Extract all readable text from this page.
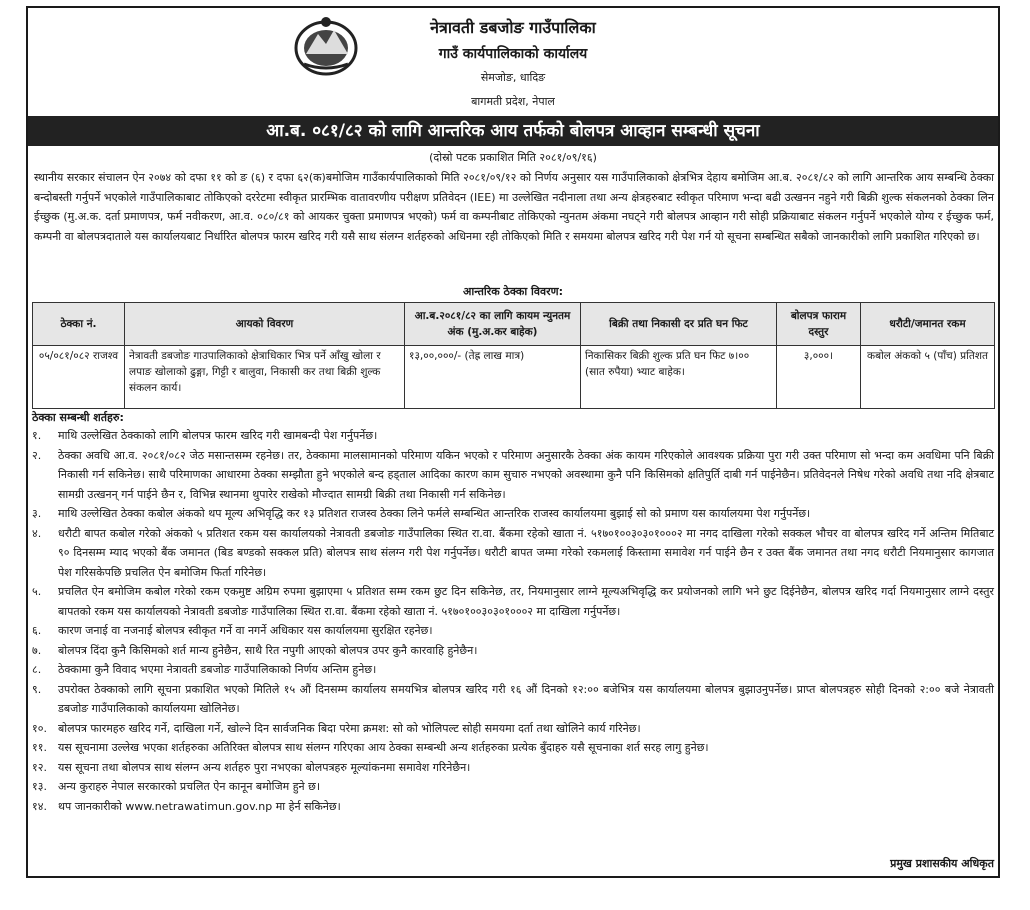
नेत्रावती डबजोङ गाउँपालिका
गाउँ कार्यपालिकाको कार्यालय
सेमजोङ, धादिङ
बागमती प्रदेश, नेपाल
आ.ब. ०८१/८२ को लागि आन्तरिक आय तर्फको बोलपत्र आव्हान सम्बन्धी सूचना
(दोस्रो पटक प्रकाशित मिति २०८१/०९/१६)
स्थानीय सरकार संचालन ऐन २०७४ को दफा ११ को ङ (६) र दफा ६२(क)बमोजिम गाउँकार्यपालिकाको मिति २०८१/०९/१२ को निर्णय अनुसार यस गाउँपालिकाको क्षेत्रभित्र देहाय बमोजिम आ.ब. २०८१/८२ को लागि आन्तरिक आय सम्बन्धि ठेक्का बन्दोबस्ती गर्नुपर्ने भएकोले गाउँपालिकाबाट तोकिएको दररेटमा स्वीकृत प्रारम्भिक वातावरणीय परीक्षण प्रतिवेदन (IEE) मा उल्लेखित नदीनाला तथा अन्य क्षेत्रहरुबाट स्वीकृत परिमाण भन्दा बढी उत्खनन नहुने गरी बिक्री शुल्क संकलनको ठेक्का लिन ईच्छुक (मु.अ.क. दर्ता प्रमाणपत्र, फर्म नवीकरण, आ.व. ०८०/८१ को आयकर चुक्ता प्रमाणपत्र भएको) फर्म वा कम्पनीबाट तोकिएको न्युनतम अंकमा नघट्ने गरी बोलपत्र आव्हान गरी सोही प्रक्रियाबाट संकलन गर्नुपर्ने भएकोले योग्य र ईच्छुक फर्म, कम्पनी वा बोलपत्रदाताले यस कार्यालयबाट निर्धारित बोलपत्र फारम खरिद गरी यसै साथ संलग्न शर्तहरुको अधिनमा रही तोकिएको मिति र समयमा बोलपत्र खरिद गरी पेश गर्न यो सूचना सम्बन्धित सबैको जानकारीको लागि प्रकाशित गरिएको छ।
आन्तरिक ठेक्का विवरण:
ठेक्का नं.	आयको विवरण	आ.ब.२०८१/८२ का लागि कायम न्युनतम अंक (मु.अ.कर बाहेक)	बिक्री तथा निकासी दर प्रति घन फिट	बोलपत्र फाराम दस्तुर	धरौटी/जमानत रकम
०५/०८१/०८२ राजश्व	नेत्रावती डबजोङ गाउपालिकाको क्षेत्राधिकार भित्र पर्ने आँखु खोला र लपाङ खोलाको ढुङ्गा, गिट्टी र बालुवा, निकासी कर तथा बिक्री शुल्क संकलन कार्य।	१३,००,०००/- (तेह्र लाख मात्र)	निकासिकर बिक्री शुल्क प्रति घन फिट ७।०० (सात रुपैया) भ्याट बाहेक।	३,०००।	कबोल अंकको ५ (पाँच) प्रतिशत
ठेक्का सम्बन्धी शर्तहरु:
१.	माथि उल्लेखित ठेक्काको लागि बोलपत्र फारम खरिद गरी खामबन्दी पेश गर्नुपर्नेछ।
२.	ठेक्का अवधि आ.व. २०८१/०८२ जेठ मसान्तसम्म रहनेछ। तर, ठेक्कामा मालसामानको परिमाण यकिन भएको र परिमाण अनुसारकै ठेक्का अंक कायम गरिएकोले आवश्यक प्रक्रिया पुरा गरी उक्त परिमाण सो भन्दा कम अवधिमा पनि बिक्री निकासी गर्न सकिनेछ। साथै परिमाणका आधारमा ठेक्का सम्झौता हुने भएकोले बन्द हड्ताल आदिका कारण काम सुचारु नभएको अवस्थामा कुनै पनि किसिमको क्षतिपुर्ति दाबी गर्न पाईनेछैन। प्रतिवेदनले निषेध गरेको अवधि तथा नदि क्षेत्रबाट सामग्री उत्खनन् गर्न पाईने छैन र, विभिन्न स्थानमा थुपारेर राखेको मौज्दात सामग्री बिक्री तथा निकासी गर्न सकिनेछ।
३.	माथि उल्लेखित ठेक्का कबोल अंकको थप मूल्य अभिवृद्धि कर १३ प्रतिशत राजस्व ठेक्का लिने फर्मले सम्बन्धित आन्तरिक राजस्व कार्यालयमा बुझाई सो को प्रमाण यस कार्यालयमा पेश गर्नुपर्नेछ।
४.	धरौटी बापत कबोल गरेको अंकको ५ प्रतिशत रकम यस कार्यालयको नेत्रावती डबजोङ गाउँपालिका स्थित रा.वा. बैंकमा रहेको खाता नं. ५१७०१००३०३०१०००२ मा नगद दाखिला गरेको सक्कल भौचर वा बोलपत्र खरिद गर्ने अन्तिम मितिबाट ९० दिनसम्म म्याद भएको बैंक जमानत (बिड बण्डको सक्कल प्रति) बोलपत्र साथ संलग्न गरी पेश गर्नुपर्नेछ। धरौटी बापत जम्मा गरेको रकमलाई किस्तामा समावेश गर्न पाईने छैन र उक्त बैंक जमानत तथा नगद धरौटी नियमानुसार कागजात पेश गरिसकेपछि प्रचलित ऐन बमोजिम फिर्ता गरिनेछ।
५.	प्रचलित ऐन बमोजिम कबोल गरेको रकम एकमुष्ट अग्रिम रुपमा बुझाएमा ५ प्रतिशत सम्म रकम छुट दिन सकिनेछ, तर, नियमानुसार लाग्ने मूल्यअभिवृद्धि कर प्रयोजनको लागि भने छुट दिईनेछैन, बोलपत्र खरिद गर्दा नियमानुसार लाग्ने दस्तुर बापतको रकम यस कार्यालयको नेत्रावती डबजोङ गाउँपालिका स्थित रा.वा. बैंकमा रहेको खाता नं. ५१७०१००३०३०१०००२ मा दाखिला गर्नुपर्नेछ।
६.	कारण जनाई वा नजनाई बोलपत्र स्वीकृत गर्ने वा नगर्ने अधिकार यस कार्यालयमा सुरक्षित रहनेछ।
७.	बोलपत्र दिंदा कुनै किसिमको शर्त मान्य हुनेछैन, साथै रित नपुगी आएको बोलपत्र उपर कुनै कारवाहि हुनेछैन।
८.	ठेक्कामा कुनै विवाद भएमा नेत्रावती डबजोङ गाउँपालिकाको निर्णय अन्तिम हुनेछ।
९.	उपरोक्त ठेक्काको लागि सूचना प्रकाशित भएको मितिले १५ औं दिनसम्म कार्यालय समयभित्र बोलपत्र खरिद गरी १६ औं दिनको १२:०० बजेभित्र यस कार्यालयमा बोलपत्र बुझाउनुपर्नेछ। प्राप्त बोलपत्रहरु सोही दिनको २:०० बजे नेत्रावती डबजोङ गाउँपालिकाको कार्यालयमा खोलिनेछ।
१०.	बोलपत्र फारमहरु खरिद गर्ने, दाखिला गर्ने, खोल्ने दिन सार्वजनिक बिदा परेमा क्रमश: सो को भोलिपल्ट सोही समयमा दर्ता तथा खोलिने कार्य गरिनेछ।
११.	यस सूचनामा उल्लेख भएका शर्तहरुका अतिरिक्त बोलपत्र साथ संलग्न गरिएका आय ठेक्का सम्बन्धी अन्य शर्तहरुका प्रत्येक बुँदाहरु यसै सूचनाका शर्त सरह लागु हुनेछ।
१२.	यस सूचना तथा बोलपत्र साथ संलग्न अन्य शर्तहरु पुरा नभएका बोलपत्रहरु मूल्यांकनमा समावेश गरिनेछैन।
१३.	अन्य कुराहरु नेपाल सरकारको प्रचलित ऐन कानून बमोजिम हुने छ।
१४.	थप जानकारीको www.netrawatimun.gov.np मा हेर्न सकिनेछ।
प्रमुख प्रशासकीय अधिकृत
